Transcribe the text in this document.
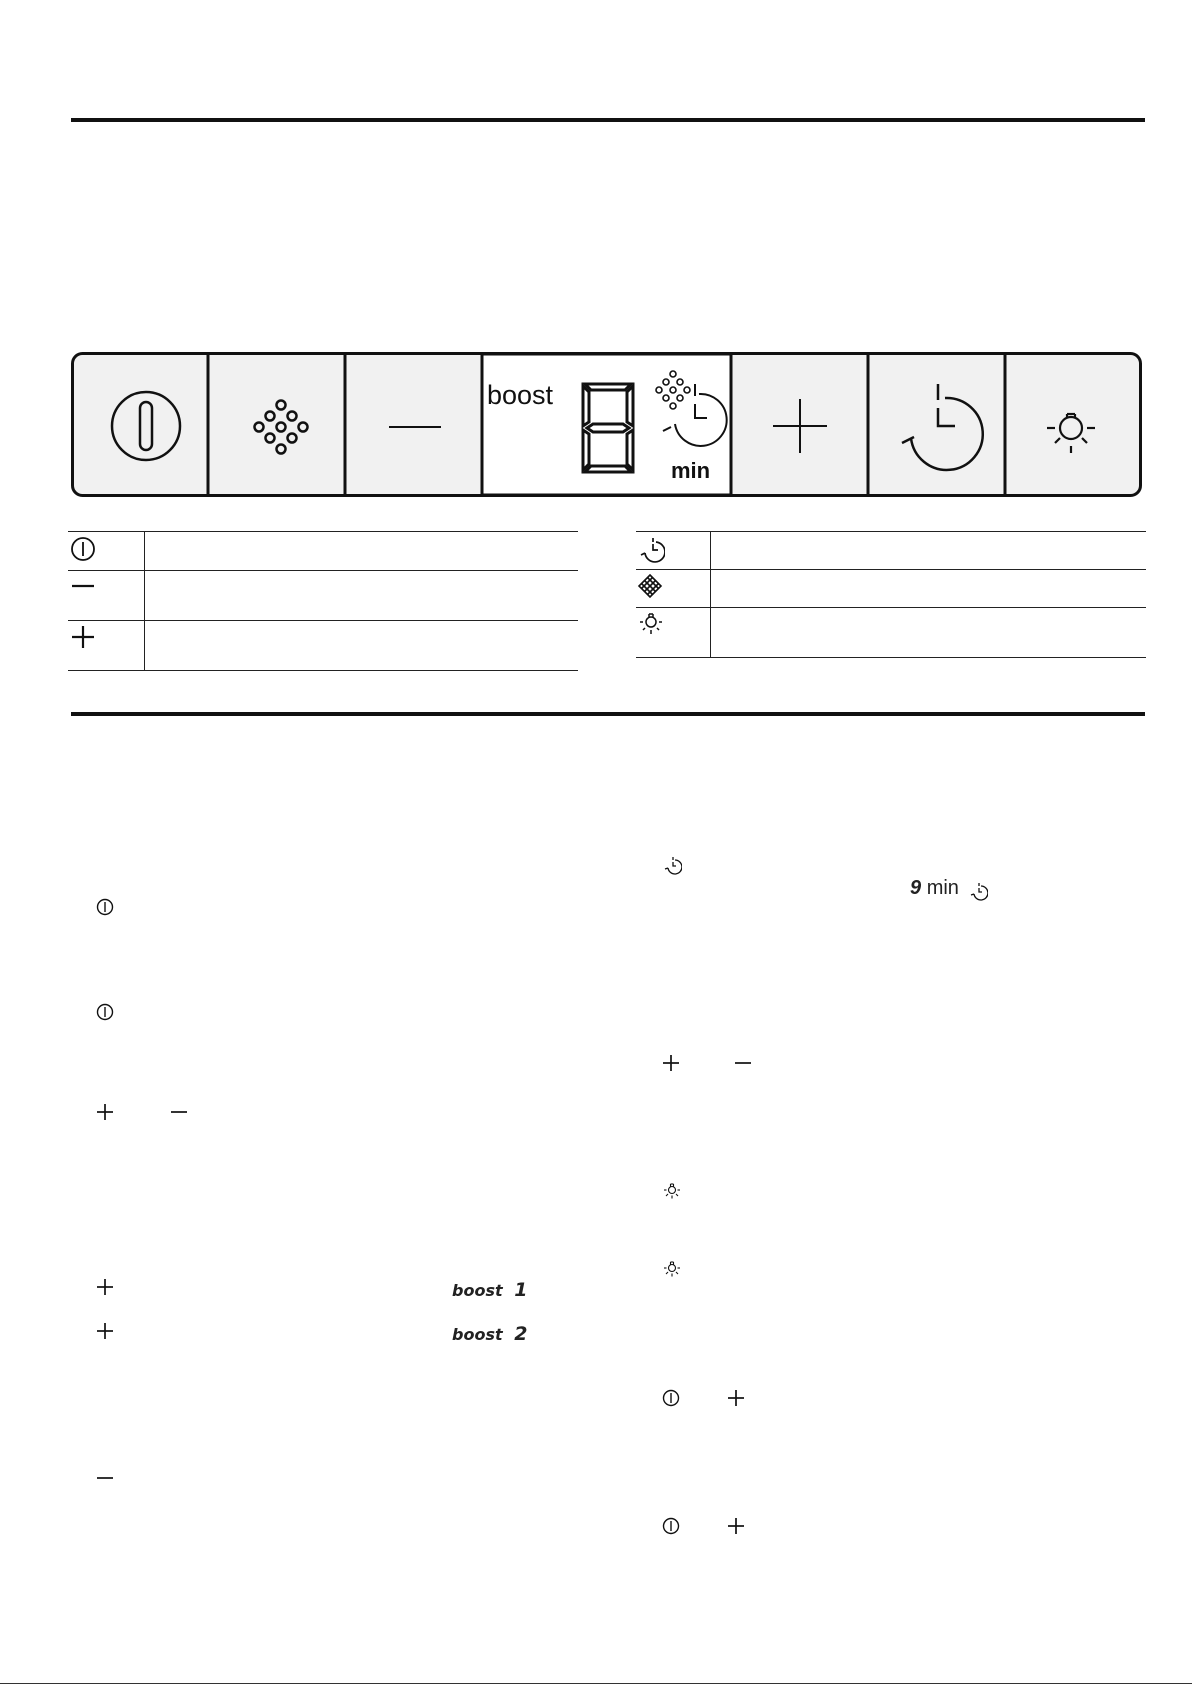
boost
min
boost 1
boost 2
9 min
